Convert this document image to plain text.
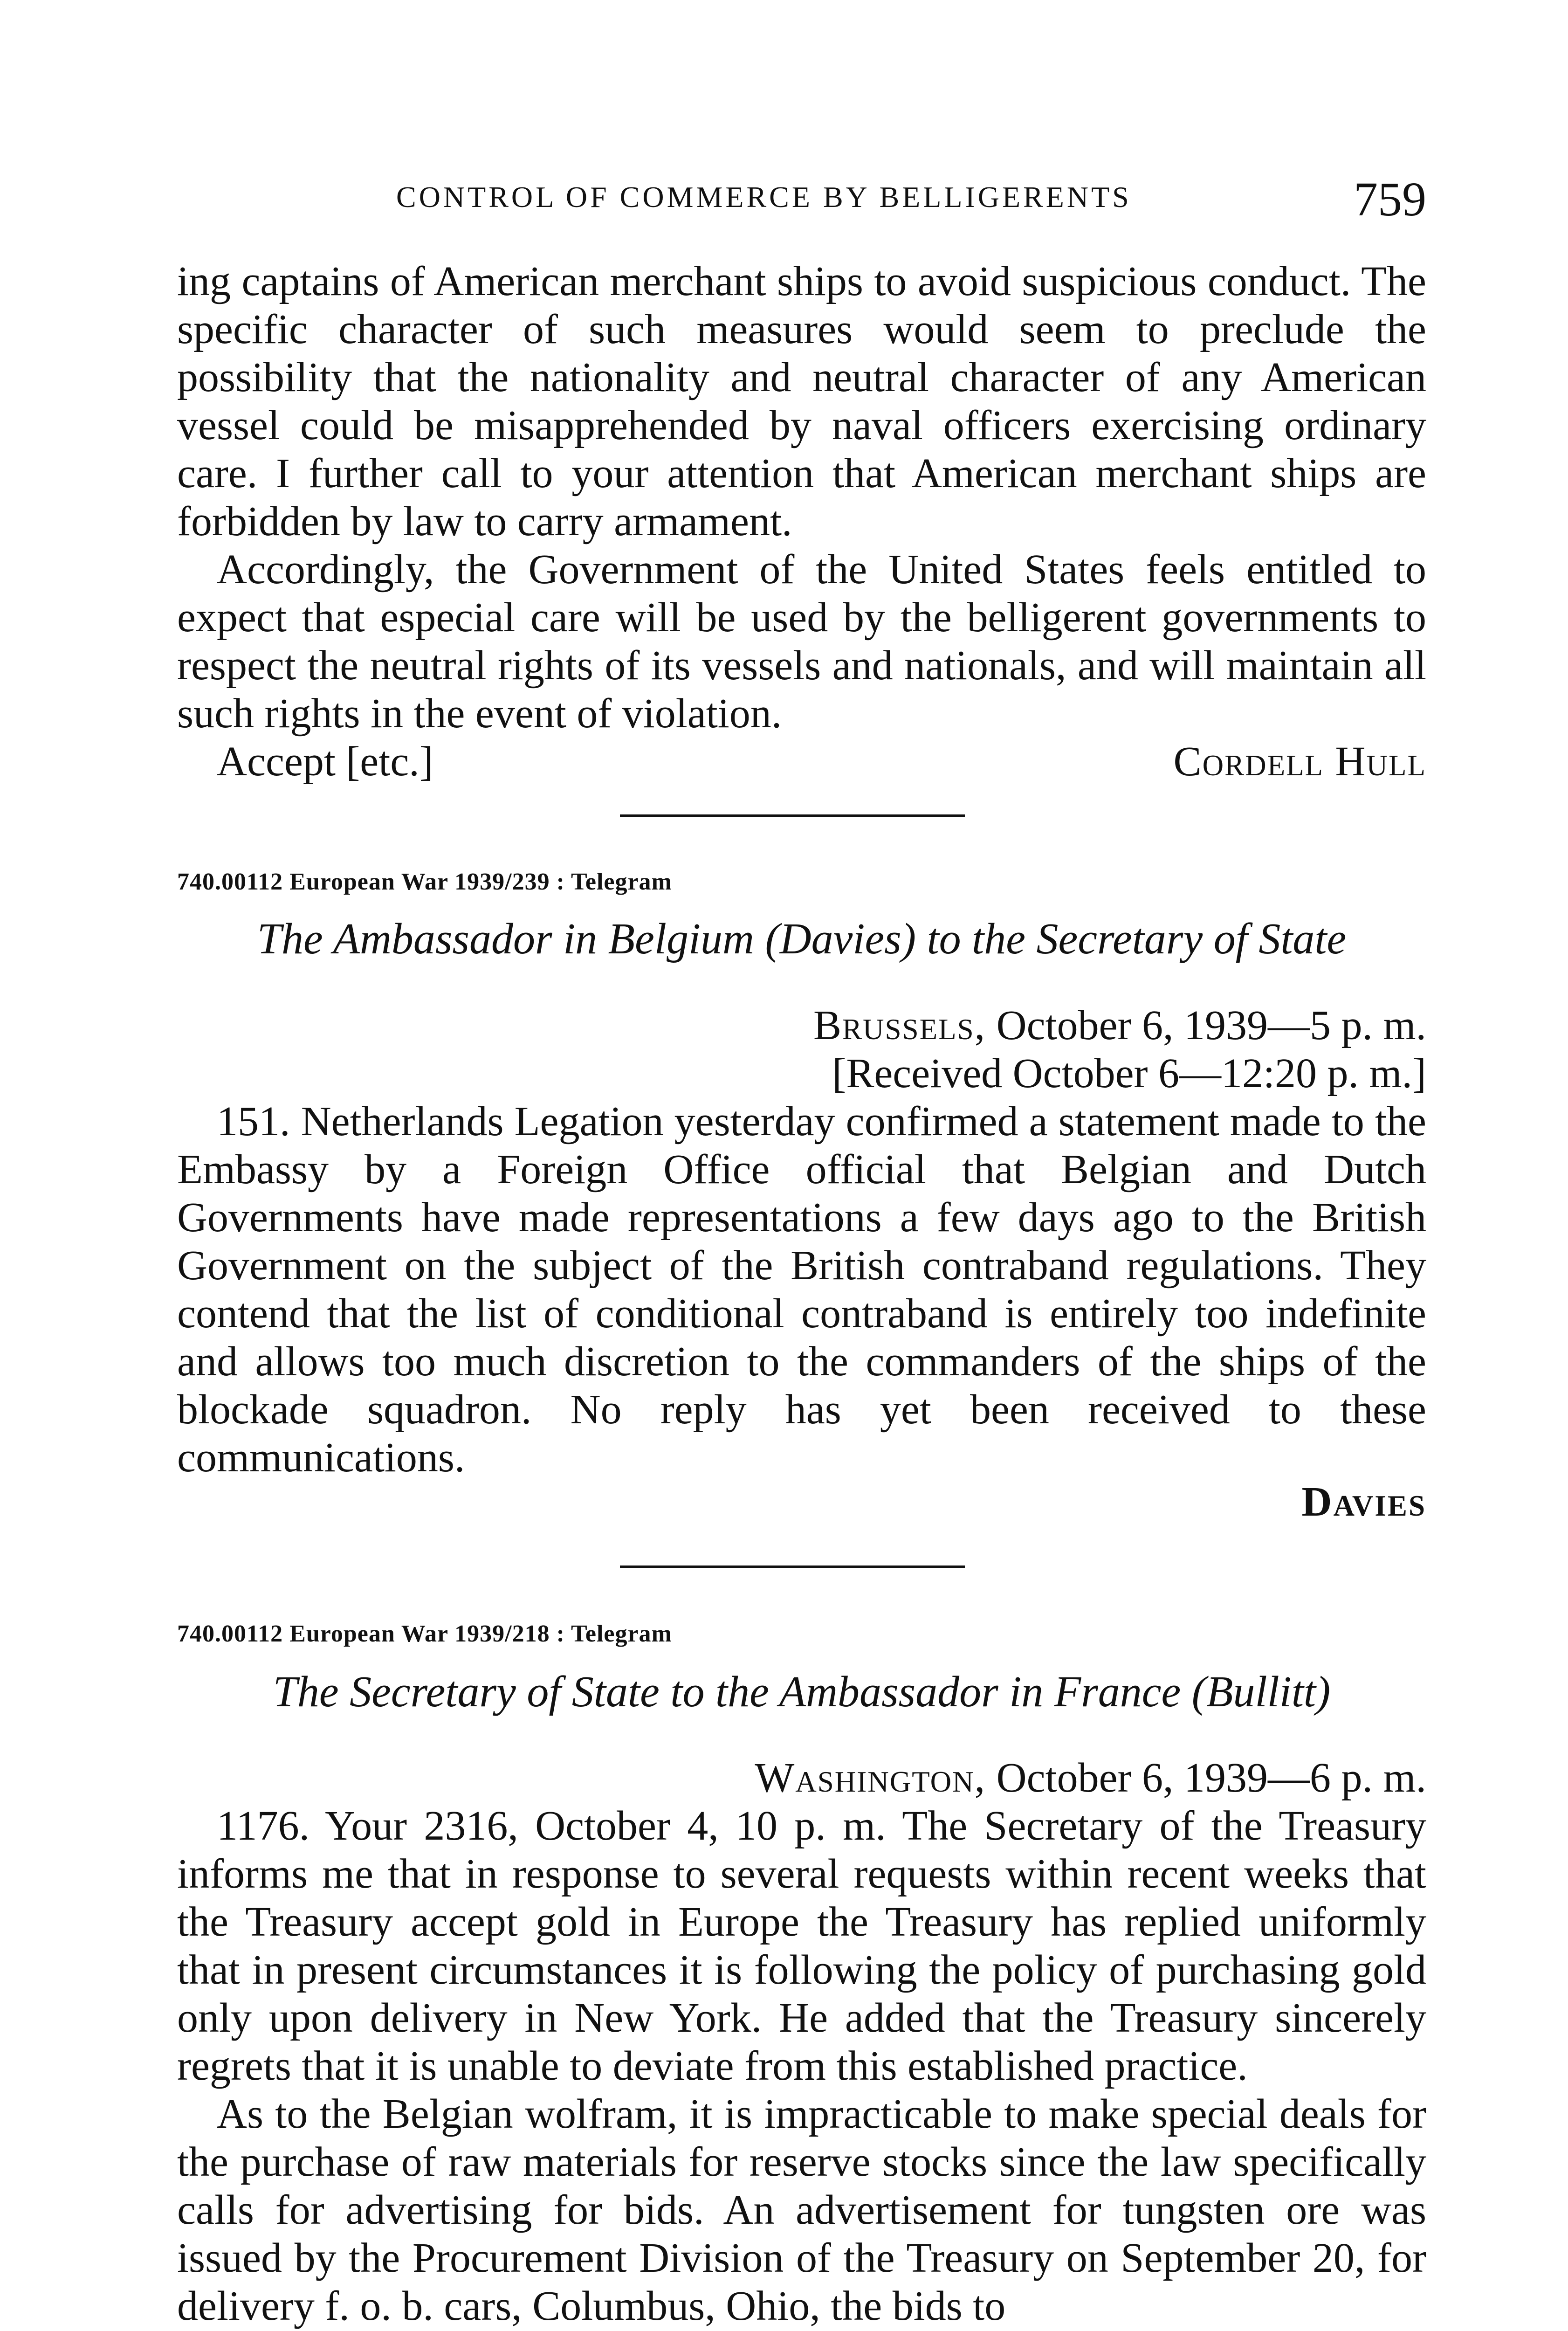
CONTROL OF COMMERCE BY BELLIGERENTS	759

ing captains of American merchant ships to avoid suspicious conduct. The specific character of such measures would seem to preclude the possibility that the nationality and neutral character of any American vessel could be misapprehended by naval officers exercising ordinary care. I further call to your attention that American merchant ships are forbidden by law to carry armament.

Accordingly, the Government of the United States feels entitled to expect that especial care will be used by the belligerent governments to respect the neutral rights of its vessels and nationals, and will maintain all such rights in the event of violation.

Accept [etc.]	Cordell Hull
740.00112 European War 1939/239 : Telegram
The Ambassador in Belgium (Davies) to the Secretary of State
Brussels, October 6, 1939—5 p. m.
[Received October 6—12:20 p. m.]

151. Netherlands Legation yesterday confirmed a statement made to the Embassy by a Foreign Office official that Belgian and Dutch Governments have made representations a few days ago to the British Government on the subject of the British contraband regulations. They contend that the list of conditional contraband is entirely too indefinite and allows too much discretion to the commanders of the ships of the blockade squadron. No reply has yet been received to these communications.

Davies
740.00112 European War 1939/218 : Telegram
The Secretary of State to the Ambassador in France (Bullitt)
Washington, October 6, 1939—6 p. m.

1176. Your 2316, October 4, 10 p. m. The Secretary of the Treasury informs me that in response to several requests within recent weeks that the Treasury accept gold in Europe the Treasury has replied uniformly that in present circumstances it is following the policy of purchasing gold only upon delivery in New York. He added that the Treasury sincerely regrets that it is unable to deviate from this established practice.

As to the Belgian wolfram, it is impracticable to make special deals for the purchase of raw materials for reserve stocks since the law specifically calls for advertising for bids. An advertisement for tungsten ore was issued by the Procurement Division of the Treasury on September 20, for delivery f. o. b. cars, Columbus, Ohio, the bids to
